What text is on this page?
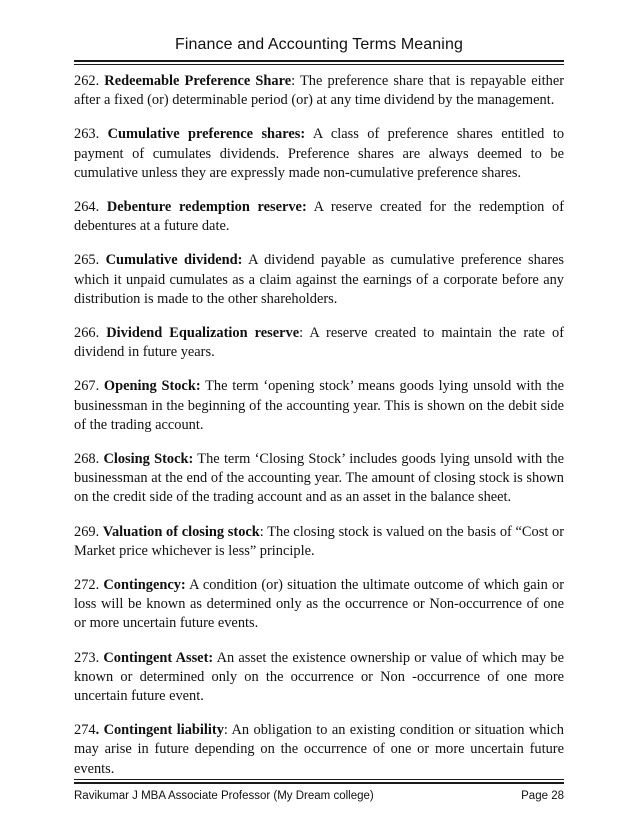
Finance and Accounting Terms Meaning

262. Redeemable Preference Share: The preference share that is repayable either after a fixed (or) determinable period (or) at any time dividend by the management.

263. Cumulative preference shares: A class of preference shares entitled to payment of cumulates dividends. Preference shares are always deemed to be cumulative unless they are expressly made non-cumulative preference shares.

264. Debenture redemption reserve: A reserve created for the redemption of debentures at a future date.

265. Cumulative dividend: A dividend payable as cumulative preference shares which it unpaid cumulates as a claim against the earnings of a corporate before any distribution is made to the other shareholders.

266. Dividend Equalization reserve: A reserve created to maintain the rate of dividend in future years.

267. Opening Stock: The term ‘opening stock’ means goods lying unsold with the businessman in the beginning of the accounting year. This is shown on the debit side of the trading account.

268. Closing Stock: The term ‘Closing Stock’ includes goods lying unsold with the businessman at the end of the accounting year. The amount of closing stock is shown on the credit side of the trading account and as an asset in the balance sheet.

269. Valuation of closing stock: The closing stock is valued on the basis of “Cost or Market price whichever is less” principle.

272. Contingency: A condition (or) situation the ultimate outcome of which gain or loss will be known as determined only as the occurrence or Non-occurrence of one or more uncertain future events.

273. Contingent Asset: An asset the existence ownership or value of which may be known or determined only on the occurrence or Non -occurrence of one more uncertain future event.

274. Contingent liability: An obligation to an existing condition or situation which may arise in future depending on the occurrence of one or more uncertain future events.

Ravikumar J MBA Associate Professor (My Dream college)	Page 28
